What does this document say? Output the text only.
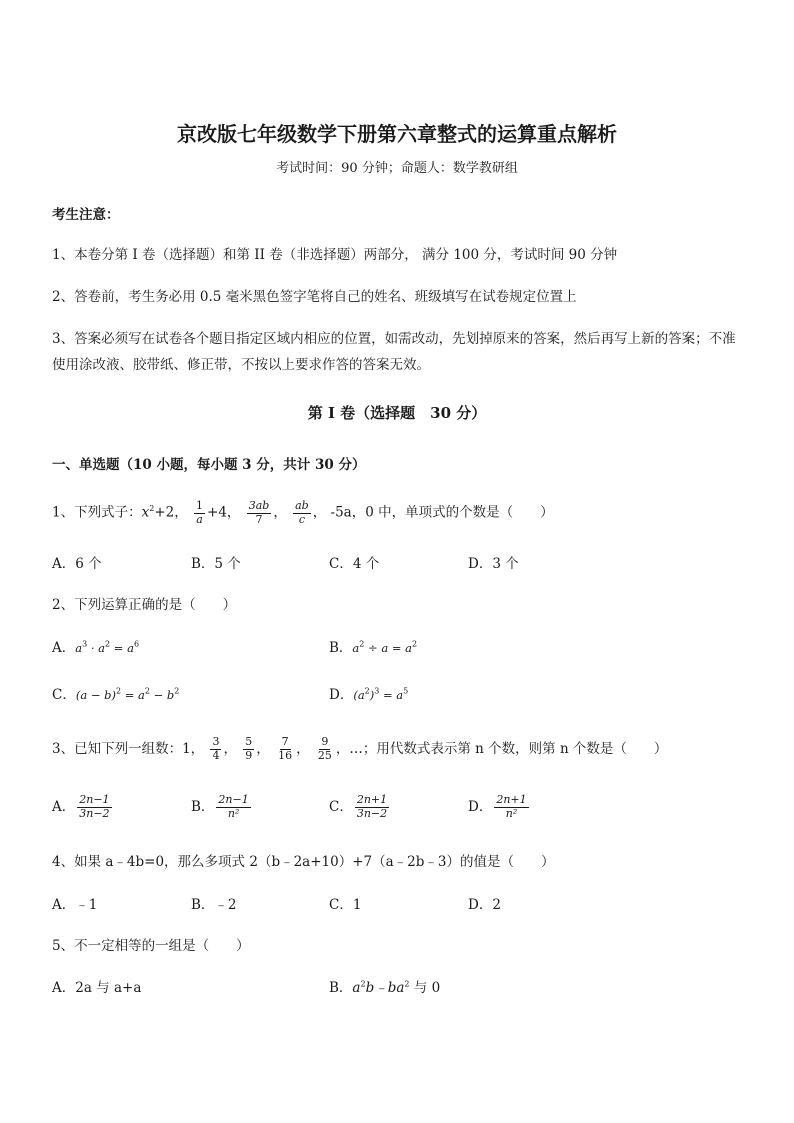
京改版七年级数学下册第六章整式的运算重点解析
考试时间：90 分钟；命题人：数学教研组
考生注意：
1、本卷分第 I 卷（选择题）和第 II 卷（非选择题）两部分， 满分 100 分，考试时间 90 分钟
2、答卷前，考生务必用 0.5 毫米黑色签字笔将自己的姓名、班级填写在试卷规定位置上
3、答案必须写在试卷各个题目指定区域内相应的位置，如需改动，先划掉原来的答案，然后再写上新的答案；不准使用涂改液、胶带纸、修正带，不按以上要求作答的答案无效。
第 I 卷（选择题　30 分）
一、单选题（10 小题，每小题 3 分，共计 30 分）
1、下列式子：$x^2+2$， $\frac{1}{a} +4$， $\frac{3ab}{7}$ ， $\frac{ab}{c}$ ， -5a，0 中，单项式的个数是（　　）
A．6 个	B．5 个	C．4 个	D．3 个
2、下列运算正确的是（　　）
A．$a^3 \cdot a^2 = a^6$	B．$a^2 \div a = a^2$
C．$(a - b)^2 = a^2 - b^2$	D．$(a^2)^3 = a^5$
3、已知下列一组数：1， $\frac{3}{4}$ ， $\frac{5}{9}$ ， $\frac{7}{16}$ ， $\frac{9}{25}$ ，…；用代数式表示第 n 个数，则第 n 个数是（　　）
A． $\frac{2n-1}{3n-2}$	B． $\frac{2n-1}{\text{n²}}$	C． $\frac{2n+1}{3n-2}$	D． $\frac{2n+1}{\text{n²}}$
4、如果 a﹣4b=0，那么多项式 2（b﹣2a+10）+7（a﹣2b﹣3）的值是（　　）
A．﹣1	B．﹣2	C．1	D．2
5、不一定相等的一组是（　　）
A．2a 与 a+a	B．$a^2b﹣ba^2$ 与 0
